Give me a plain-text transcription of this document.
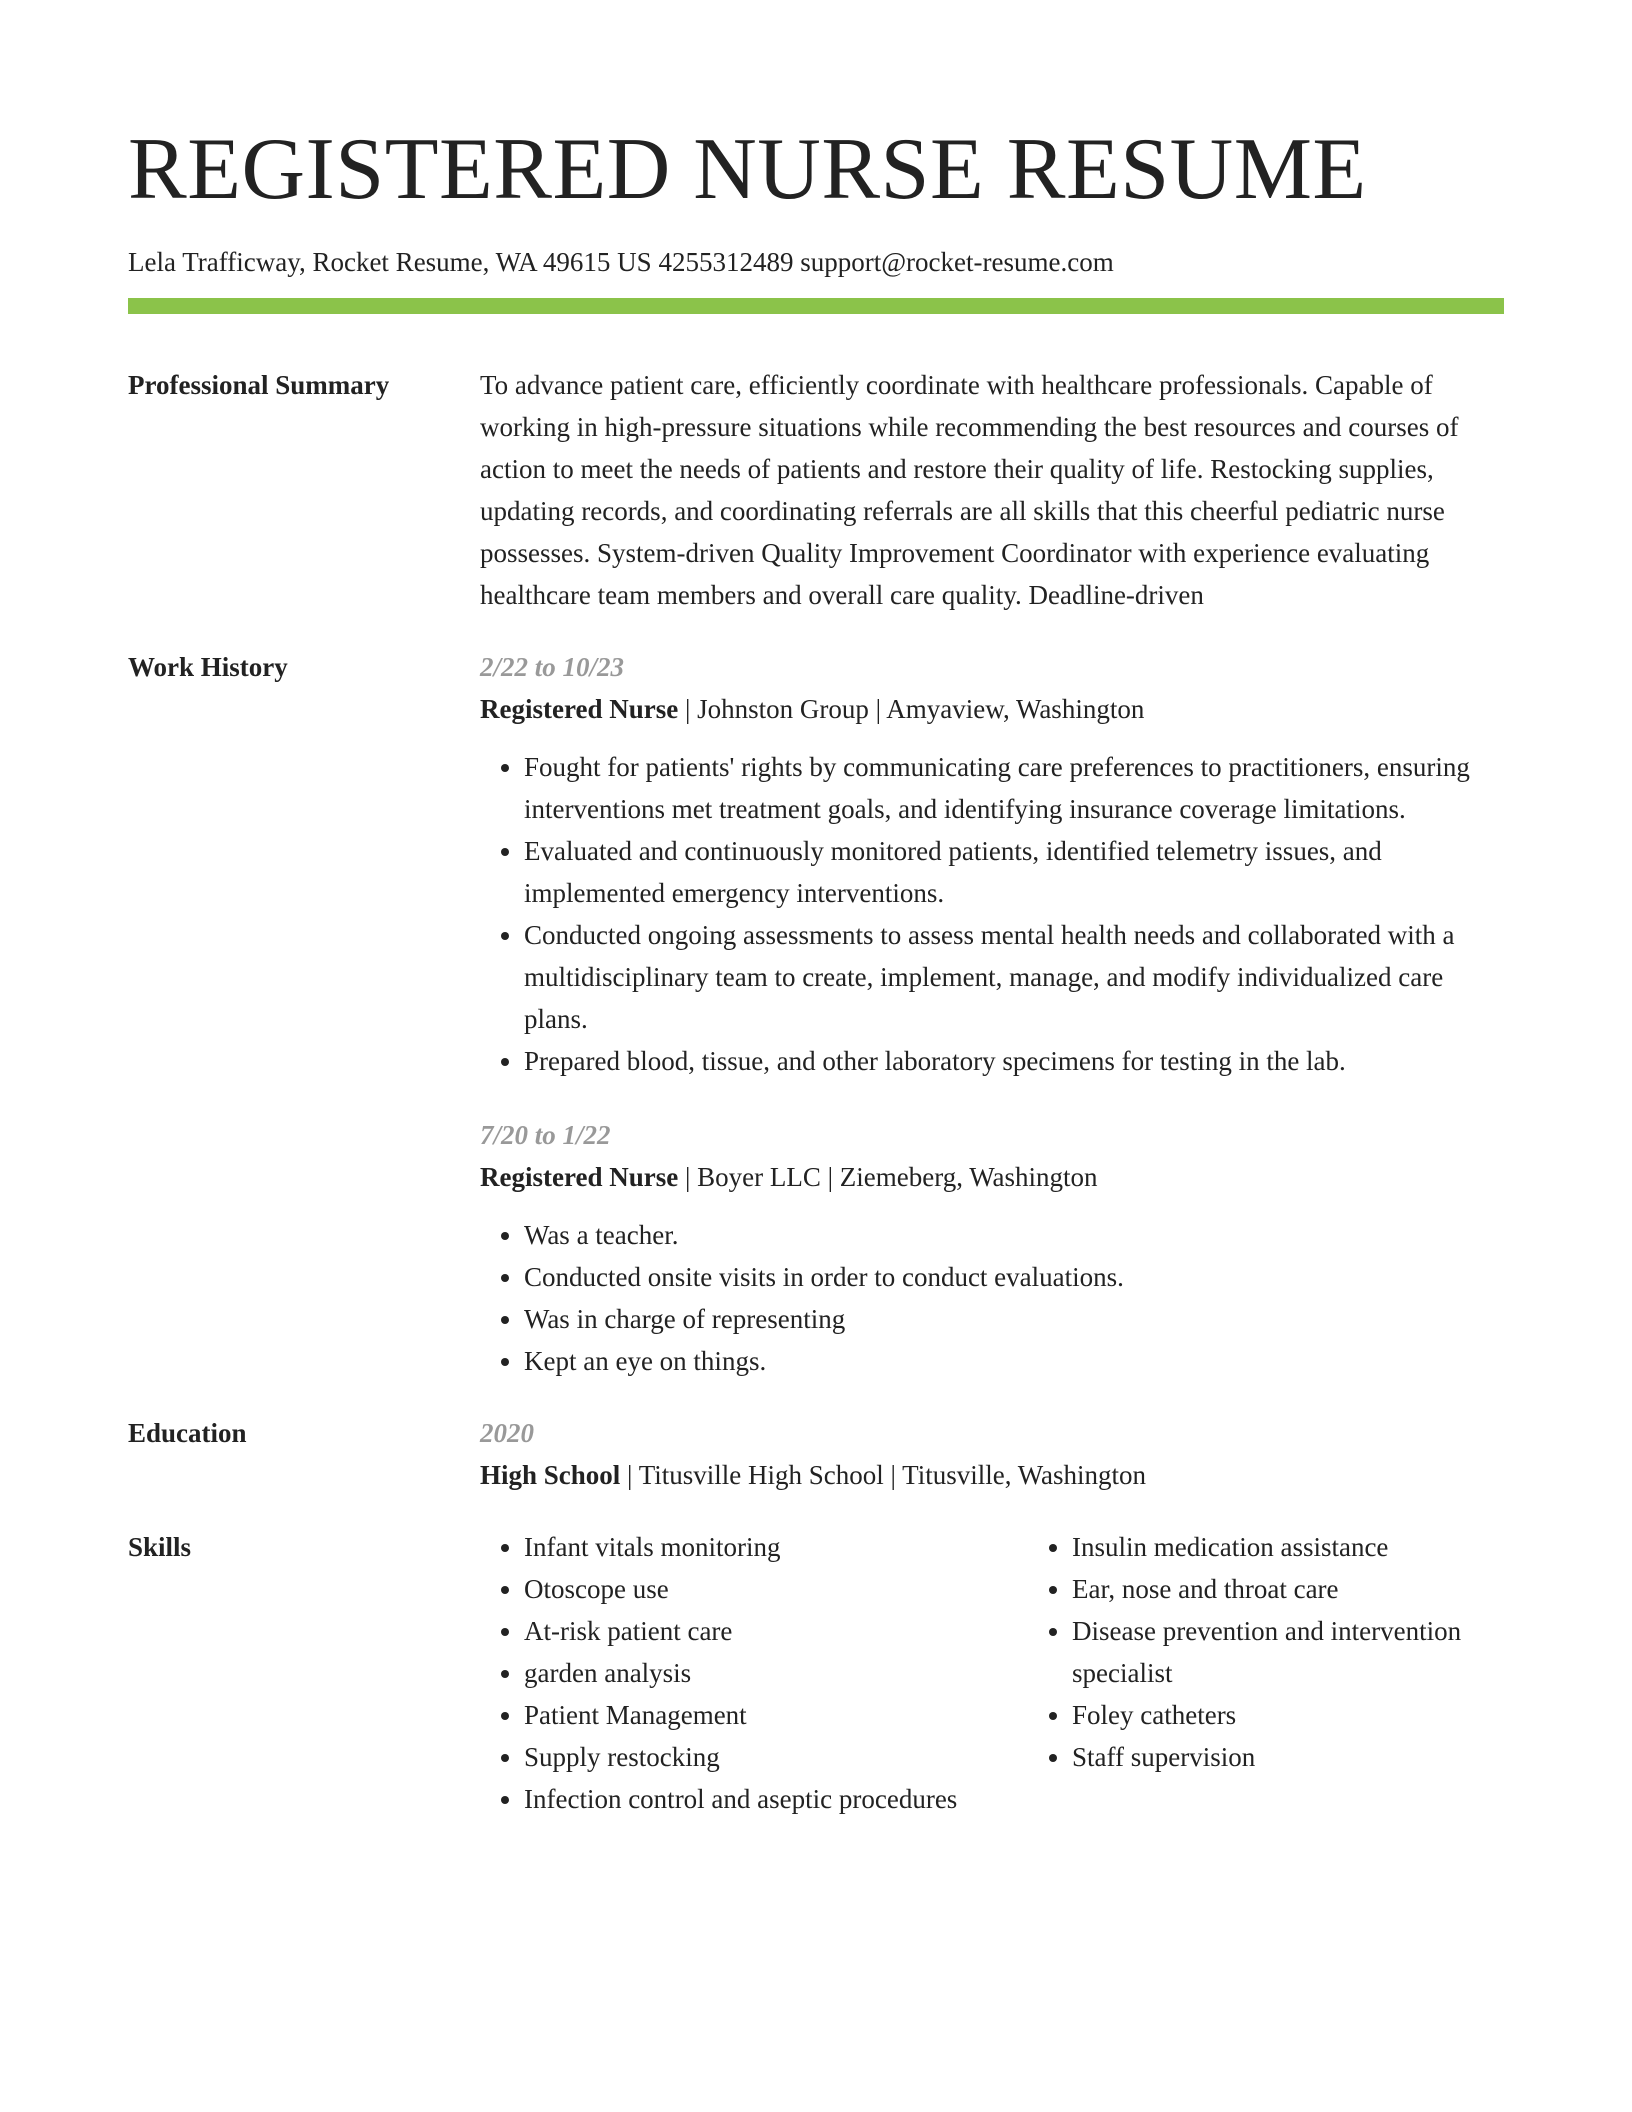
REGISTERED NURSE RESUME
Lela Trafficway, Rocket Resume, WA 49615 US 4255312489 support@rocket-resume.com
Professional Summary	To advance patient care, efficiently coordinate with healthcare professionals. Capable of working in high-pressure situations while recommending the best resources and courses of action to meet the needs of patients and restore their quality of life. Restocking supplies, updating records, and coordinating referrals are all skills that this cheerful pediatric nurse possesses. System-driven Quality Improvement Coordinator with experience evaluating healthcare team members and overall care quality. Deadline-driven

Work History	2/22 to 10/23
Registered Nurse | Johnston Group | Amyaview, Washington
• Fought for patients' rights by communicating care preferences to practitioners, ensuring interventions met treatment goals, and identifying insurance coverage limitations.
• Evaluated and continuously monitored patients, identified telemetry issues, and implemented emergency interventions.
• Conducted ongoing assessments to assess mental health needs and collaborated with a multidisciplinary team to create, implement, manage, and modify individualized care plans.
• Prepared blood, tissue, and other laboratory specimens for testing in the lab.
7/20 to 1/22
Registered Nurse | Boyer LLC | Ziemeberg, Washington
• Was a teacher.
• Conducted onsite visits in order to conduct evaluations.
• Was in charge of representing
• Kept an eye on things.
Education	2020
High School | Titusville High School | Titusville, Washington
Skills
•	Infant vitals monitoring
• Otoscope use
• At-risk patient care
• garden analysis
• Patient Management
• Supply restocking
• Infection control and aseptic procedures
• Insulin medication assistance
• Ear, nose and throat care
• Disease prevention and intervention specialist
• Foley catheters
• Staff supervision
